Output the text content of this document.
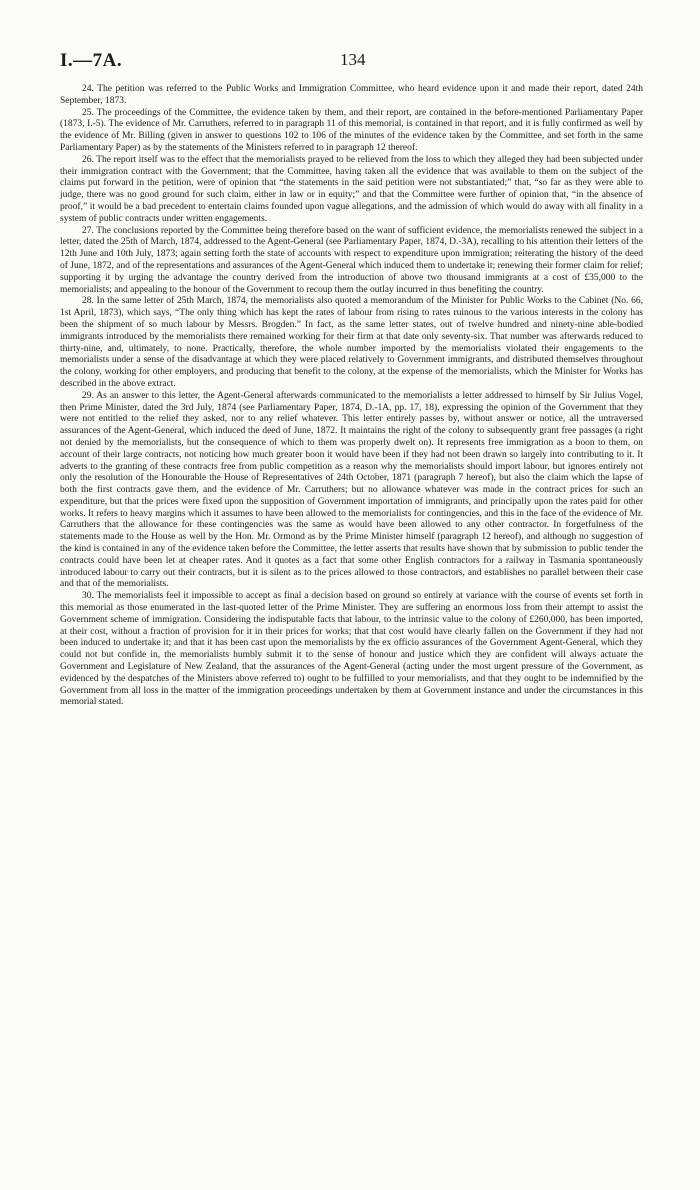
I.—7A.	134

24. The petition was referred to the Public Works and Immigration Committee, who heard evidence upon it and made their report, dated 24th September, 1873.

25. The proceedings of the Committee, the evidence taken by them, and their report, are contained in the before-mentioned Parliamentary Paper (1873, I.-5). The evidence of Mr. Carruthers, referred to in paragraph 11 of this memorial, is contained in that report, and it is fully confirmed as well by the evidence of Mr. Billing (given in answer to questions 102 to 106 of the minutes of the evidence taken by the Committee, and set forth in the same Parliamentary Paper) as by the statements of the Ministers referred to in paragraph 12 thereof.

26. The report itself was to the effect that the memorialists prayed to be relieved from the loss to which they alleged they had been subjected under their immigration contract with the Government; that the Committee, having taken all the evidence that was available to them on the subject of the claims put forward in the petition, were of opinion that “the statements in the said petition were not substantiated;” that, “so far as they were able to judge, there was no good ground for such claim, either in law or in equity;” and that the Committee were further of opinion that, “in the absence of proof,” it would be a bad precedent to entertain claims founded upon vague allegations, and the admission of which would do away with all finality in a system of public contracts under written engagements.

27. The conclusions reported by the Committee being therefore based on the want of sufficient evidence, the memorialists renewed the subject in a letter, dated the 25th of March, 1874, addressed to the Agent-General (see Parliamentary Paper, 1874, D.-3A), recalling to his attention their letters of the 12th June and 10th July, 1873; again setting forth the state of accounts with respect to expenditure upon immigration; reiterating the history of the deed of June, 1872, and of the representations and assurances of the Agent-General which induced them to undertake it; renewing their former claim for relief; supporting it by urging the advantage the country derived from the introduction of above two thousand immigrants at a cost of £35,000 to the memorialists; and appealing to the honour of the Government to recoup them the outlay incurred in thus benefiting the country.

28. In the same letter of 25th March, 1874, the memorialists also quoted a memorandum of the Minister for Public Works to the Cabinet (No. 66, 1st April, 1873), which says, “The only thing which has kept the rates of labour from rising to rates ruinous to the various interests in the colony has been the shipment of so much labour by Messrs. Brogden.” In fact, as the same letter states, out of twelve hundred and ninety-nine able-bodied immigrants introduced by the memorialists there remained working for their firm at that date only seventy-six. That number was afterwards reduced to thirty-nine, and, ultimately, to none. Practically, therefore, the whole number imported by the memorialists violated their engagements to the memorialists under a sense of the disadvantage at which they were placed relatively to Government immigrants, and distributed themselves throughout the colony, working for other employers, and producing that benefit to the colony, at the expense of the memorialists, which the Minister for Works has described in the above extract.

29. As an answer to this letter, the Agent-General afterwards communicated to the memorialists a letter addressed to himself by Sir Julius Vogel, then Prime Minister, dated the 3rd July, 1874 (see Parliamentary Paper, 1874, D.-1A, pp. 17, 18), expressing the opinion of the Government that they were not entitled to the relief they asked, nor to any relief whatever. This letter entirely passes by, without answer or notice, all the untraversed assurances of the Agent-General, which induced the deed of June, 1872. It maintains the right of the colony to subsequently grant free passages (a right not denied by the memorialists, but the consequence of which to them was properly dwelt on). It represents free immigration as a boon to them, on account of their large contracts, not noticing how much greater boon it would have been if they had not been drawn so largely into contributing to it. It adverts to the granting of these contracts free from public competition as a reason why the memorialists should import labour, but ignores entirely not only the resolution of the Honourable the House of Representatives of 24th October, 1871 (paragraph 7 hereof), but also the claim which the lapse of both the first contracts gave them, and the evidence of Mr. Carruthers; but no allowance whatever was made in the contract prices for such an expenditure, but that the prices were fixed upon the supposition of Government importation of immigrants, and principally upon the rates paid for other works. It refers to heavy margins which it assumes to have been allowed to the memorialists for contingencies, and this in the face of the evidence of Mr. Carruthers that the allowance for these contingencies was the same as would have been allowed to any other contractor. In forgetfulness of the statements made to the House as well by the Hon. Mr. Ormond as by the Prime Minister himself (paragraph 12 hereof), and although no suggestion of the kind is contained in any of the evidence taken before the Committee, the letter asserts that results have shown that by submission to public tender the contracts could have been let at cheaper rates. And it quotes as a fact that some other English contractors for a railway in Tasmania spontaneously introduced labour to carry out their contracts, but it is silent as to the prices allowed to those contractors, and establishes no parallel between their case and that of the memorialists.

30. The memorialists feel it impossible to accept as final a decision based on ground so entirely at variance with the course of events set forth in this memorial as those enumerated in the last-quoted letter of the Prime Minister. They are suffering an enormous loss from their attempt to assist the Government scheme of immigration. Considering the indisputable facts that labour, to the intrinsic value to the colony of £260,000, has been imported, at their cost, without a fraction of provision for it in their prices for works; that that cost would have clearly fallen on the Government if they had not been induced to undertake it; and that it has been cast upon the memorialists by the ex officio assurances of the Government Agent-General, which they could not but confide in, the memorialists humbly submit it to the sense of honour and justice which they are confident will always actuate the Government and Legislature of New Zealand, that the assurances of the Agent-General (acting under the most urgent pressure of the Government, as evidenced by the despatches of the Ministers above referred to) ought to be fulfilled to your memorialists, and that they ought to be indemnified by the Government from all loss in the matter of the immigration proceedings undertaken by them at Government instance and under the circumstances in this memorial stated.
